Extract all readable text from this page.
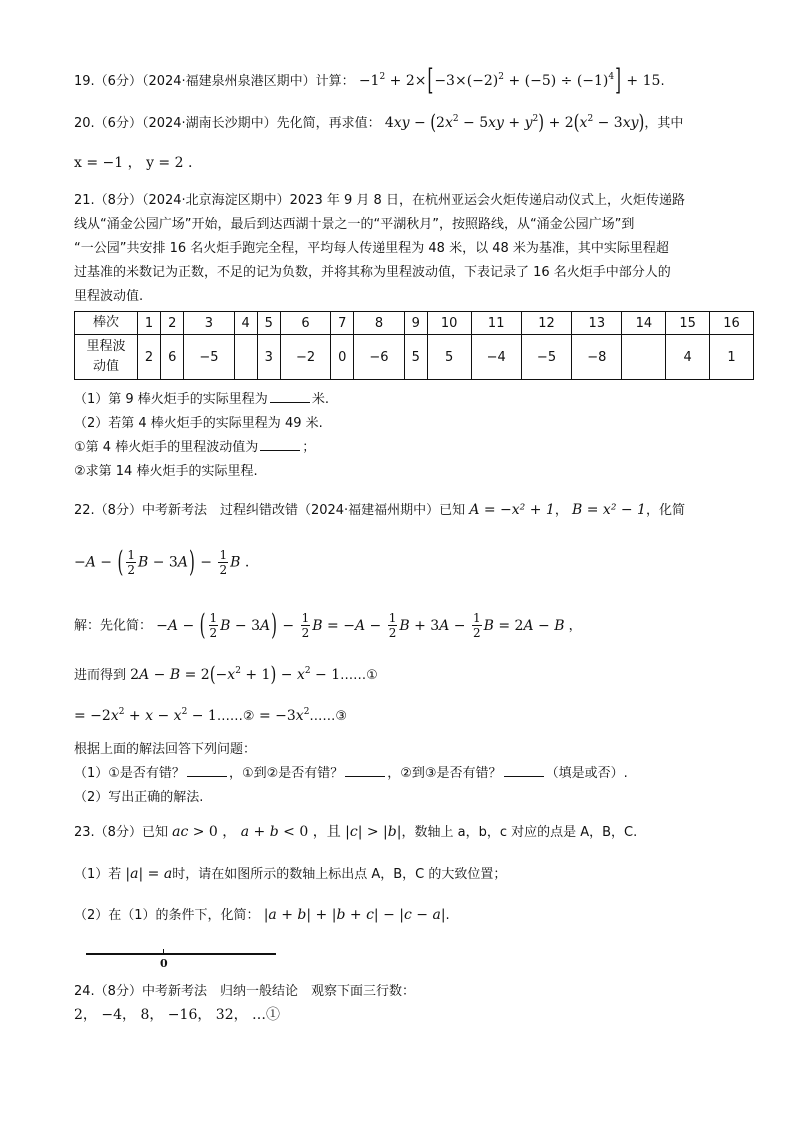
19.（6分）（2024·福建泉州泉港区期中）计算： $-1^2 + 2\times[-3\times(-2)^2 + (-5) \div (-1)^4] + 15$.
20.（6分）（2024·湖南长沙期中）先化简，再求值： $4xy - (2x^2 - 5xy + y^2) + 2(x^2 - 3xy)$，其中
x = −1 ， y = 2 .
21.（8分）（2024·北京海淀区期中）2023 年 9 月 8 日，在杭州亚运会火炬传递启动仪式上，火炬传递路
线从“涌金公园广场”开始，最后到达西湖十景之一的“平湖秋月”，按照路线，从“涌金公园广场”到
“一公园”共安排 16 名火炬手跑完全程，平均每人传递里程为 48 米，以 48 米为基准，其中实际里程超
过基准的米数记为正数，不足的记为负数，并将其称为里程波动值，下表记录了 16 名火炬手中部分人的
里程波动值.
棒次	1	2	3	4	5	6	7	8	9	10	11	12	13	14	15	16
里程波动值	2	6	−5		3	−2	0	−6	5	5	−4	−5	−8		4	1
（1）第 9 棒火炬手的实际里程为	米.
（2）若第 4 棒火炬手的实际里程为 49 米.
①第 4 棒火炬手的里程波动值为	；
②求第 14 棒火炬手的实际里程.
22.（8分）中考新考法　过程纠错改错（2024·福建福州期中）已知 A = −x² + 1， B = x² − 1，化简
−A − ( $\frac{1}{2}$ $B - 3A) - \frac{1}{2}$ B .
解：先化简： −A − ( $\frac{1}{2}$ $B - 3A) - \frac{1}{2}$ $B = -A - \frac{1}{2}$ $B + 3A - \frac{1}{2}$ B = 2A − B ，
进而得到 $2A - B = 2(-x^2 + 1) - x^2$ − 1……①
= $-2x^2 + x - x^2$ − 1……② = $-3x^2\dots\dots ③$
根据上面的解法回答下列问题：
（1）①是否有错？	，①到②是否有错？	，②到③是否有错？	（填是或否）.
（2）写出正确的解法.
23.（8分）已知 ac > 0 ， a + b < 0 ，且 |c| > |b|，数轴上 a，b，c 对应的点是 A，B，C.
（1）若 |a| = a时，请在如图所示的数轴上标出点 A，B，C 的大致位置；
（2）在（1）的条件下，化简： |a + b| + |b + c| − |c − a|.
0
24.（8分）中考新考法　归纳一般结论　观察下面三行数：
2， −4， 8， −16， 32， …①
